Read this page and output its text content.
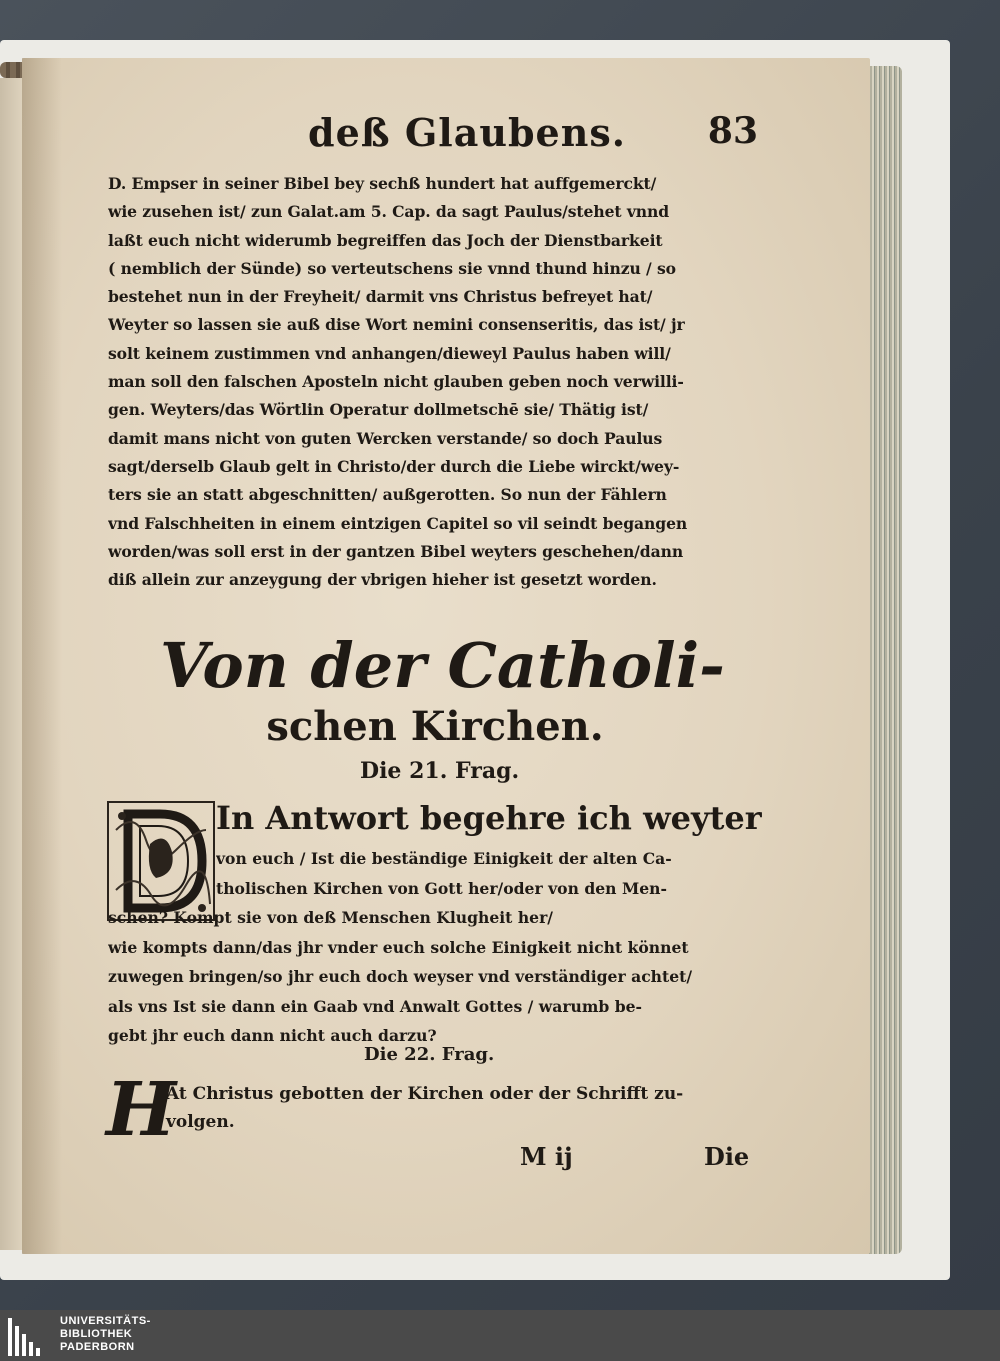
deß Glaubens. 83
D. Empser in seiner Bibel bey sechß hundert hat auffgemerckt/
wie zusehen ist/ zun Galat.am 5. Cap. da sagt Paulus/stehet vnnd
laßt euch nicht widerumb begreiffen das Joch der Dienstbarkeit
( nemblich der Sünde) so verteutschens sie vnnd thund hinzu / so
bestehet nun in der Freyheit/ darmit vns Christus befreyet hat/
Weyter so lassen sie auß dise Wort nemini consenseritis, das ist/ jr
solt keinem zustimmen vnd anhangen/dieweyl Paulus haben will/
man soll den falschen Aposteln nicht glauben geben noch verwilli-
gen. Weyters/das Wörtlin Operatur dollmetschē sie/ Thätig ist/
damit mans nicht von guten Wercken verstande/ so doch Paulus
sagt/derselb Glaub gelt in Christo/der durch die Liebe wirckt/wey-
ters sie an statt abgeschnitten/ außgerotten. So nun der Fählern
vnd Falschheiten in einem eintzigen Capitel so vil seindt begangen
worden/was soll erst in der gantzen Bibel weyters geschehen/dann
diß allein zur anzeygung der vbrigen hieher ist gesetzt worden.
Von der Catholi-
schen Kirchen.
Die 21. Frag.
In Antwort begehre ich weyter
von euch / Ist die beständige Einigkeit der alten Ca-
tholischen Kirchen von Gott her/oder von den Men-
schen? Kompt sie von deß Menschen Klugheit her/
wie kompts dann/das jhr vnder euch solche Einigkeit nicht könnet
zuwegen bringen/so jhr euch doch weyser vnd verständiger achtet/
als vns Ist sie dann ein Gaab vnd Anwalt Gottes / warumb be-
gebt jhr euch dann nicht auch darzu?
Die 22. Frag.
H
At Christus gebotten der Kirchen oder der Schrifft zu-
volgen.
M ij	Die
UNIVERSITÄTS-
BIBLIOTHEK
PADERBORN
